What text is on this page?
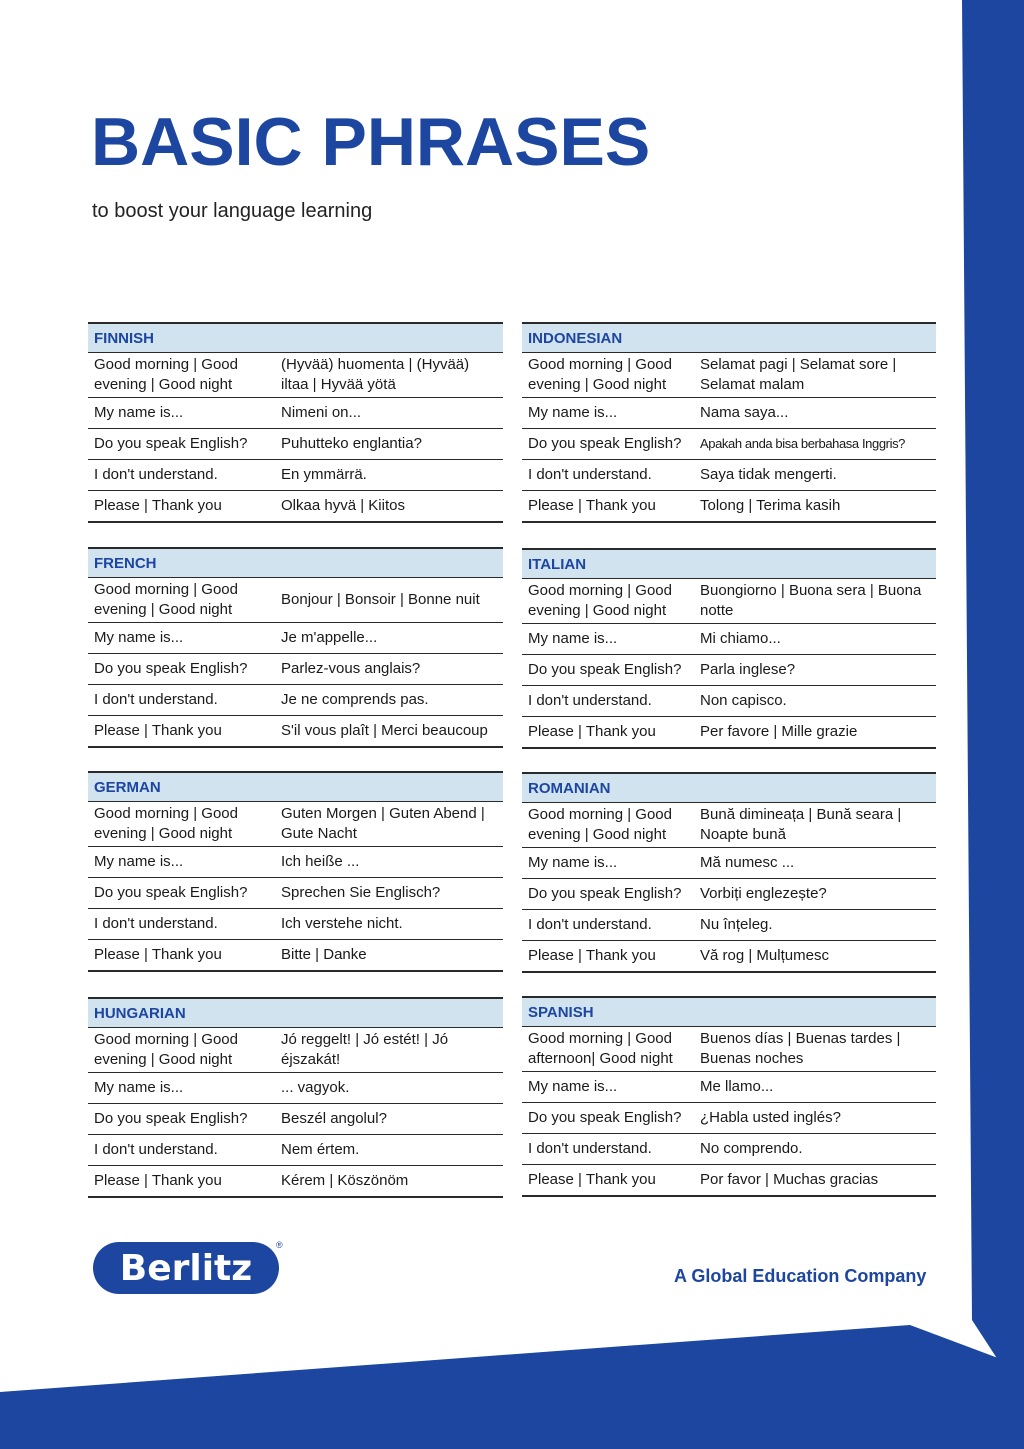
BASIC PHRASES

to boost your language learning

FINNISH	
Good morning | Good evening | Good night	(Hyvää) huomenta | (Hyvää) iltaa | Hyvää yötä
My name is...	Nimeni on...
Do you speak English?	Puhutteko englantia?
I don't understand.	En ymmärrä.
Please | Thank you	Olkaa hyvä | Kiitos
INDONESIAN	
Good morning | Good evening | Good night	Selamat pagi | Selamat sore | Selamat malam
My name is...	Nama saya...
Do you speak English?	Apakah anda bisa berbahasa Inggris?
I don't understand.	Saya tidak mengerti.
Please | Thank you	Tolong | Terima kasih
FRENCH	
Good morning | Good evening | Good night	Bonjour | Bonsoir | Bonne nuit
My name is...	Je m'appelle...
Do you speak English?	Parlez-vous anglais?
I don't understand.	Je ne comprends pas.
Please | Thank you	S'il vous plaît | Merci beaucoup
ITALIAN	
Good morning | Good evening | Good night	Buongiorno | Buona sera | Buona notte
My name is...	Mi chiamo...
Do you speak English?	Parla inglese?
I don't understand.	Non capisco.
Please | Thank you	Per favore | Mille grazie
GERMAN	
Good morning | Good evening | Good night	Guten Morgen | Guten Abend | Gute Nacht
My name is...	Ich heiße ...
Do you speak English?	Sprechen Sie Englisch?
I don't understand.	Ich verstehe nicht.
Please | Thank you	Bitte | Danke
ROMANIAN	
Good morning | Good evening | Good night	Bună dimineața | Bună seara | Noapte bună
My name is...	Mă numesc ...
Do you speak English?	Vorbiți englezește?
I don't understand.	Nu înțeleg.
Please | Thank you	Vă rog | Mulțumesc
HUNGARIAN	
Good morning | Good evening | Good night	Jó reggelt! | Jó estét! | Jó éjszakát!
My name is...	... vagyok.
Do you speak English?	Beszél angolul?
I don't understand.	Nem értem.
Please | Thank you	Kérem | Köszönöm
SPANISH	
Good morning | Good afternoon| Good night	Buenos días | Buenas tardes | Buenas noches
My name is...	Me llamo...
Do you speak English?	¿Habla usted inglés?
I don't understand.	No comprendo.
Please | Thank you	Por favor | Muchas gracias
Berlitz
®
A Global Education Company
